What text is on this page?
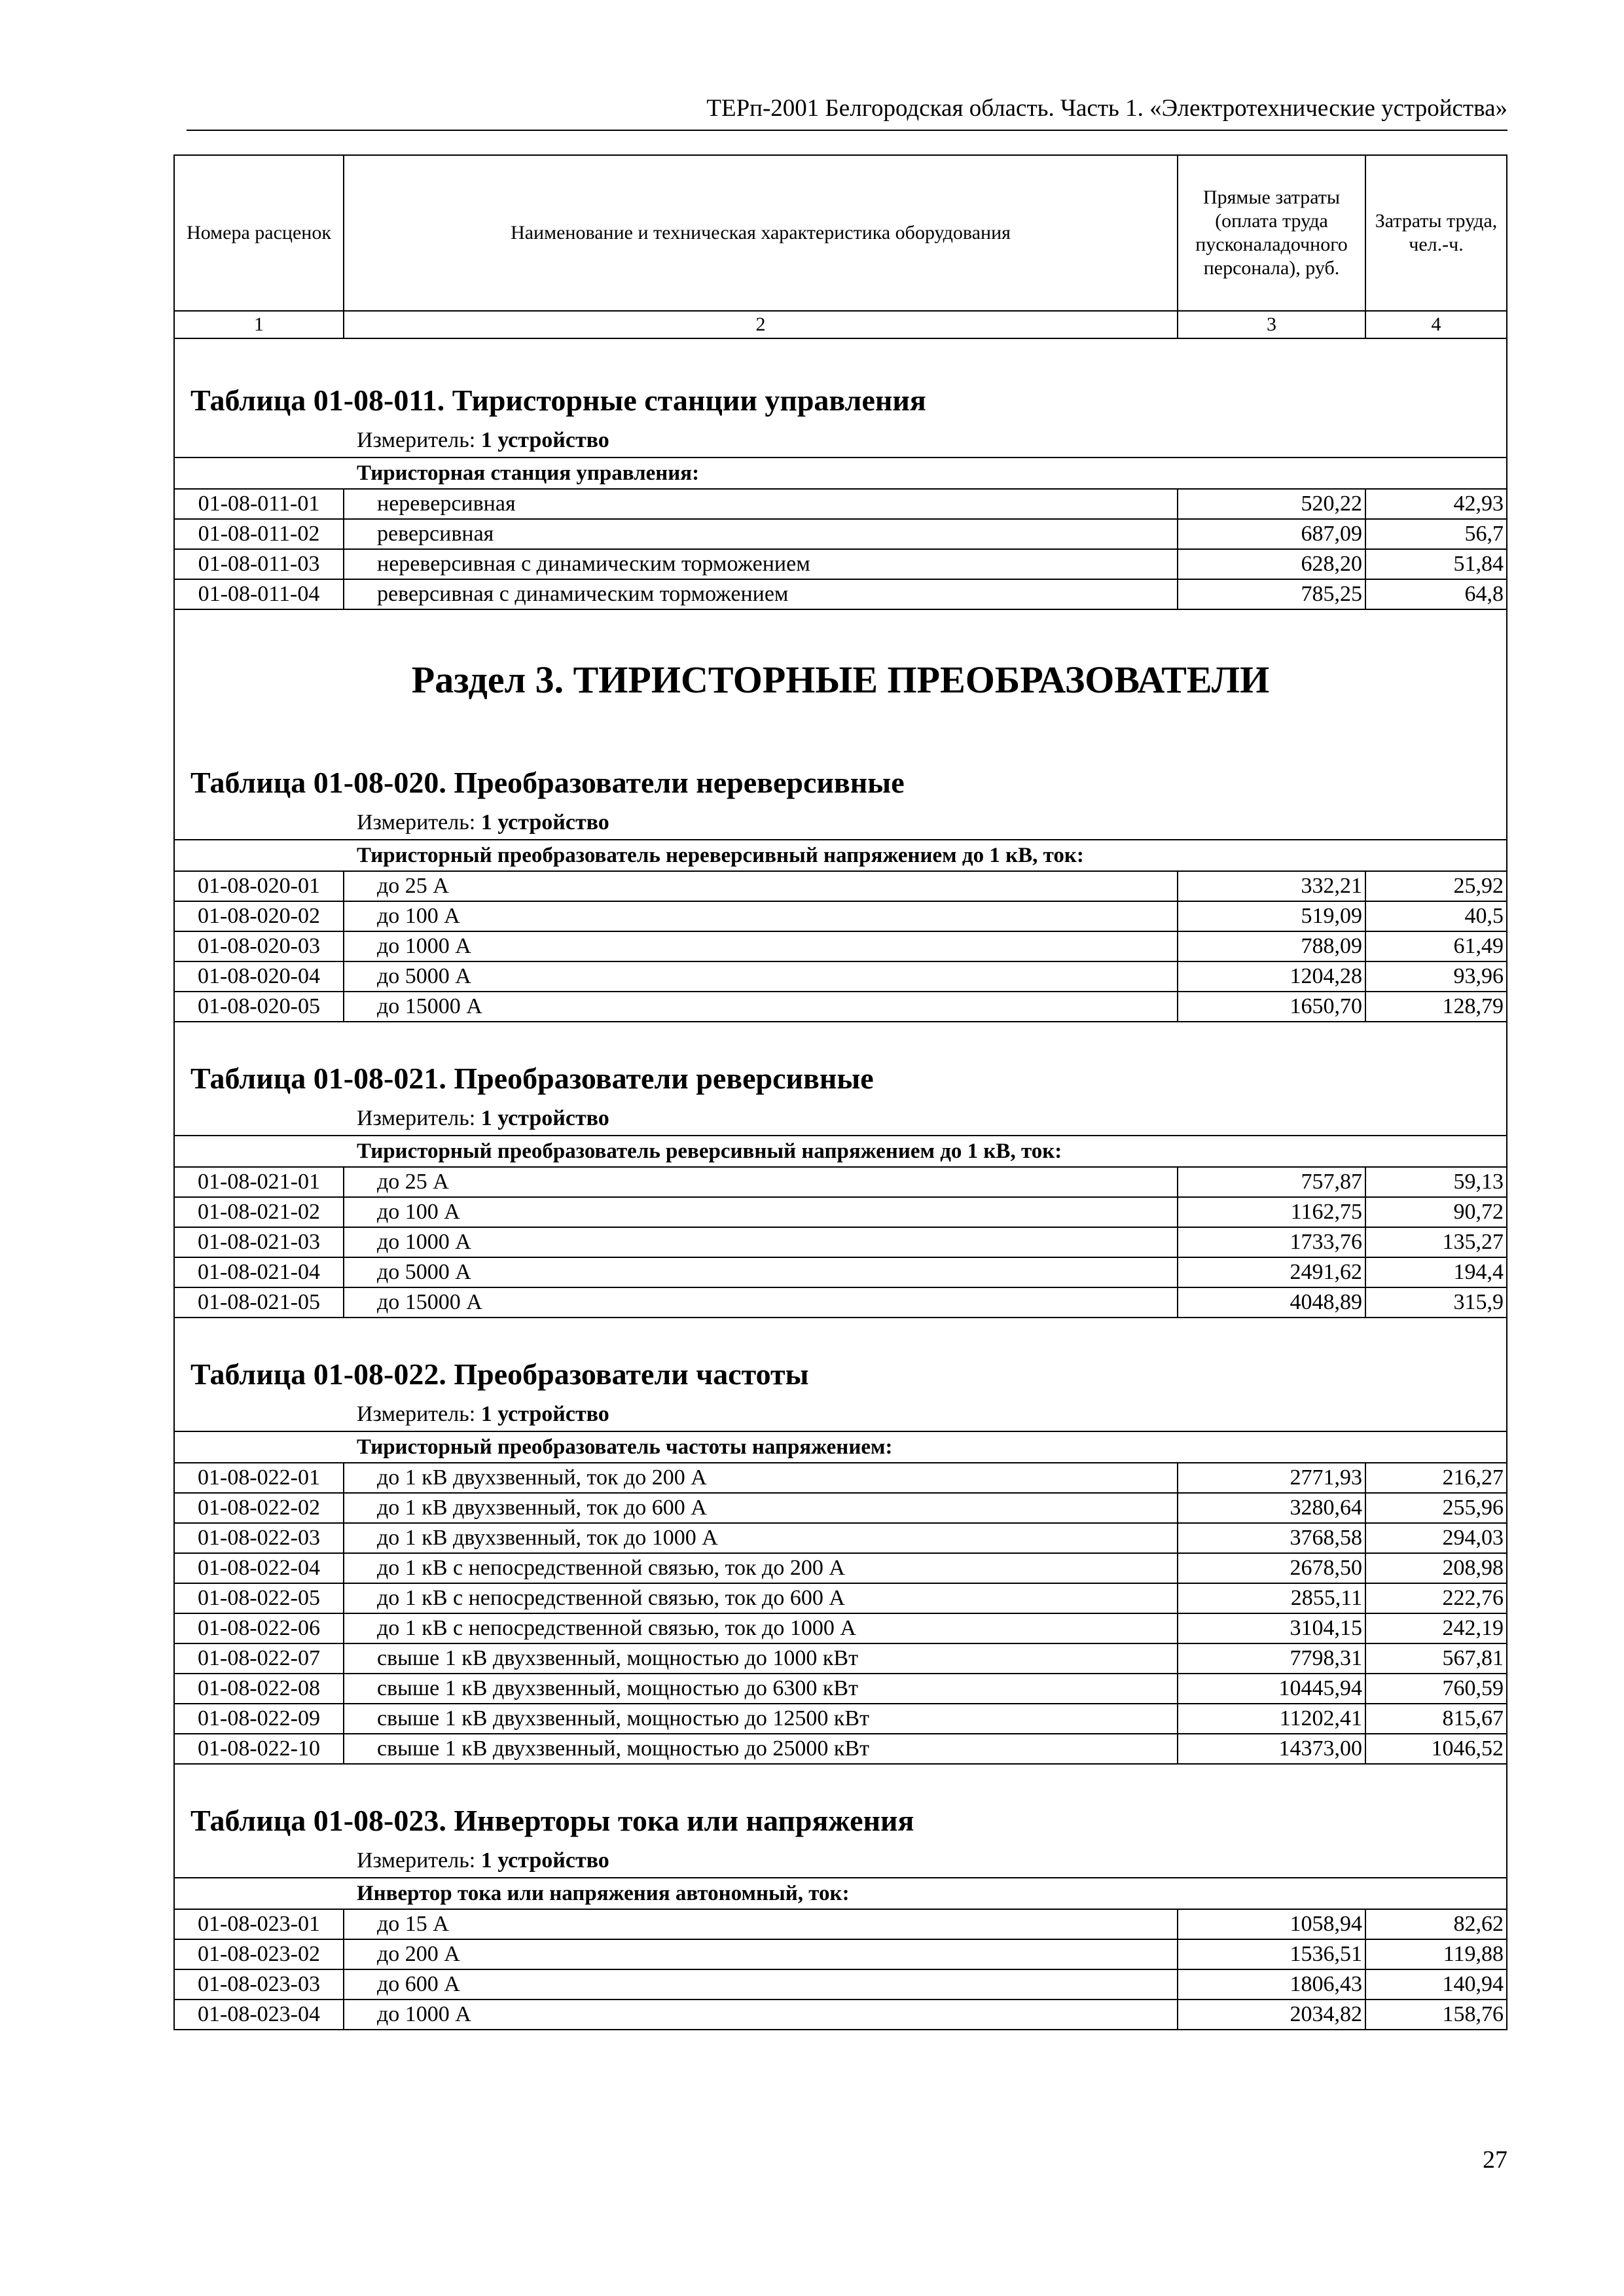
ТЕРп-2001 Белгородская область. Часть 1. «Электротехнические устройства»
Номера расценок	Наименование и техническая характеристика оборудования	Прямые затраты (оплата труда пусконаладочного персонала), руб.	Затраты труда, чел.-ч.
1	2	3	4
Таблица 01-08-011. Тиристорные станции управления			
Измеритель: 1 устройство			
Тиристорная станция управления:			
01-08-011-01	нереверсивная	520,22	42,93
01-08-011-02	реверсивная	687,09	56,7
01-08-011-03	нереверсивная с динамическим торможением	628,20	51,84
01-08-011-04	реверсивная с динамическим торможением	785,25	64,8
Раздел 3. ТИРИСТОРНЫЕ ПРЕОБРАЗОВАТЕЛИ			
Таблица 01-08-020. Преобразователи нереверсивные			
Измеритель: 1 устройство			
Тиристорный преобразователь нереверсивный напряжением до 1 кВ, ток:			
01-08-020-01	до 25 А	332,21	25,92
01-08-020-02	до 100 А	519,09	40,5
01-08-020-03	до 1000 А	788,09	61,49
01-08-020-04	до 5000 А	1204,28	93,96
01-08-020-05	до 15000 А	1650,70	128,79
Таблица 01-08-021. Преобразователи реверсивные			
Измеритель: 1 устройство			
Тиристорный преобразователь реверсивный напряжением до 1 кВ, ток:			
01-08-021-01	до 25 А	757,87	59,13
01-08-021-02	до 100 А	1162,75	90,72
01-08-021-03	до 1000 А	1733,76	135,27
01-08-021-04	до 5000 А	2491,62	194,4
01-08-021-05	до 15000 А	4048,89	315,9
Таблица 01-08-022. Преобразователи частоты			
Измеритель: 1 устройство			
Тиристорный преобразователь частоты напряжением:			
01-08-022-01	до 1 кВ двухзвенный, ток до 200 А	2771,93	216,27
01-08-022-02	до 1 кВ двухзвенный, ток до 600 А	3280,64	255,96
01-08-022-03	до 1 кВ двухзвенный, ток до 1000 А	3768,58	294,03
01-08-022-04	до 1 кВ с непосредственной связью, ток до 200 А	2678,50	208,98
01-08-022-05	до 1 кВ с непосредственной связью, ток до 600 А	2855,11	222,76
01-08-022-06	до 1 кВ с непосредственной связью, ток до 1000 А	3104,15	242,19
01-08-022-07	свыше 1 кВ двухзвенный, мощностью до 1000 кВт	7798,31	567,81
01-08-022-08	свыше 1 кВ двухзвенный, мощностью до 6300 кВт	10445,94	760,59
01-08-022-09	свыше 1 кВ двухзвенный, мощностью до 12500 кВт	11202,41	815,67
01-08-022-10	свыше 1 кВ двухзвенный, мощностью до 25000 кВт	14373,00	1046,52
Таблица 01-08-023. Инверторы тока или напряжения			
Измеритель: 1 устройство			
Инвертор тока или напряжения автономный, ток:			
01-08-023-01	до 15 А	1058,94	82,62
01-08-023-02	до 200 А	1536,51	119,88
01-08-023-03	до 600 А	1806,43	140,94
01-08-023-04	до 1000 А	2034,82	158,76
27
